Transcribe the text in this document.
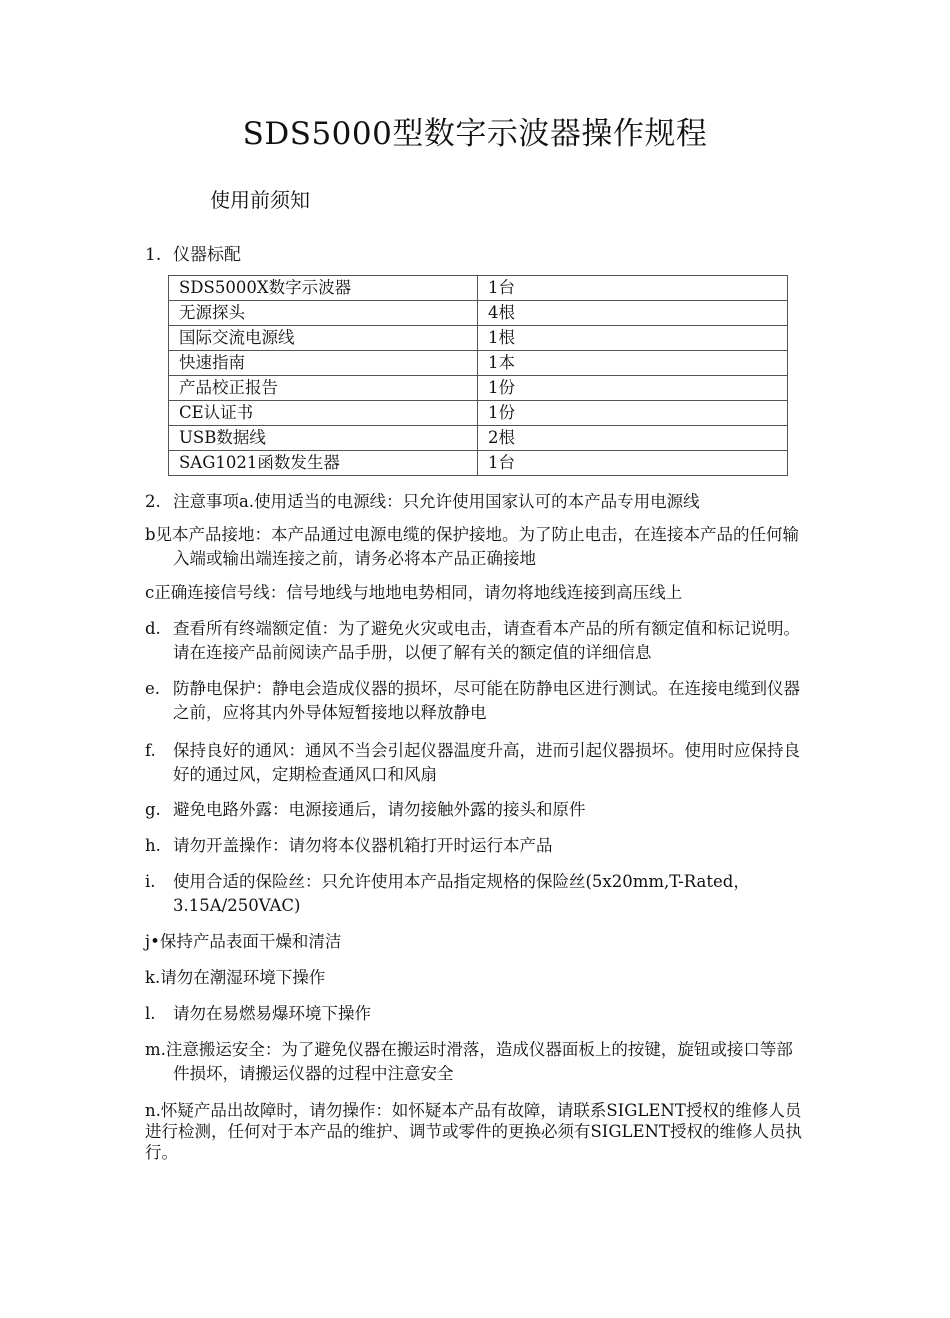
SDS5000型数字示波器操作规程
使用前须知
1. 仪器标配
SDS5000X数字示波器	1台
无源探头	4根
国际交流电源线	1根
快速指南	1本
产品校正报告	1份
CE认证书	1份
USB数据线	2根
SAG1021函数发生器	1台

2. 注意事项a.使用适当的电源线：只允许使用国家认可的本产品专用电源线

b见本产品接地：本产品通过电源电缆的保护接地。为了防止电击，在连接本产品的任何输入端或输出端连接之前，请务必将本产品正确接地

c正确连接信号线：信号地线与地地电势相同，请勿将地线连接到高压线上

d. 查看所有终端额定值：为了避免火灾或电击，请查看本产品的所有额定值和标记说明。请在连接产品前阅读产品手册，以便了解有关的额定值的详细信息

e. 防静电保护：静电会造成仪器的损坏，尽可能在防静电区进行测试。在连接电缆到仪器之前，应将其内外导体短暂接地以释放静电

f. 保持良好的通风：通风不当会引起仪器温度升高，进而引起仪器损坏。使用时应保持良好的通过风，定期检查通风口和风扇

g. 避免电路外露：电源接通后，请勿接触外露的接头和原件

h. 请勿开盖操作：请勿将本仪器机箱打开时运行本产品

i. 使用合适的保险丝：只允许使用本产品指定规格的保险丝(5x20mm,T-Rated，3.15A/250VAC)

j•保持产品表面干燥和清洁

k.请勿在潮湿环境下操作

l. 请勿在易燃易爆环境下操作

m.注意搬运安全：为了避免仪器在搬运时滑落，造成仪器面板上的按键，旋钮或接口等部件损坏，请搬运仪器的过程中注意安全

n.怀疑产品出故障时，请勿操作：如怀疑本产品有故障，请联系SIGLENT授权的维修人员进行检测，任何对于本产品的维护、调节或零件的更换必须有SIGLENT授权的维修人员执行。
